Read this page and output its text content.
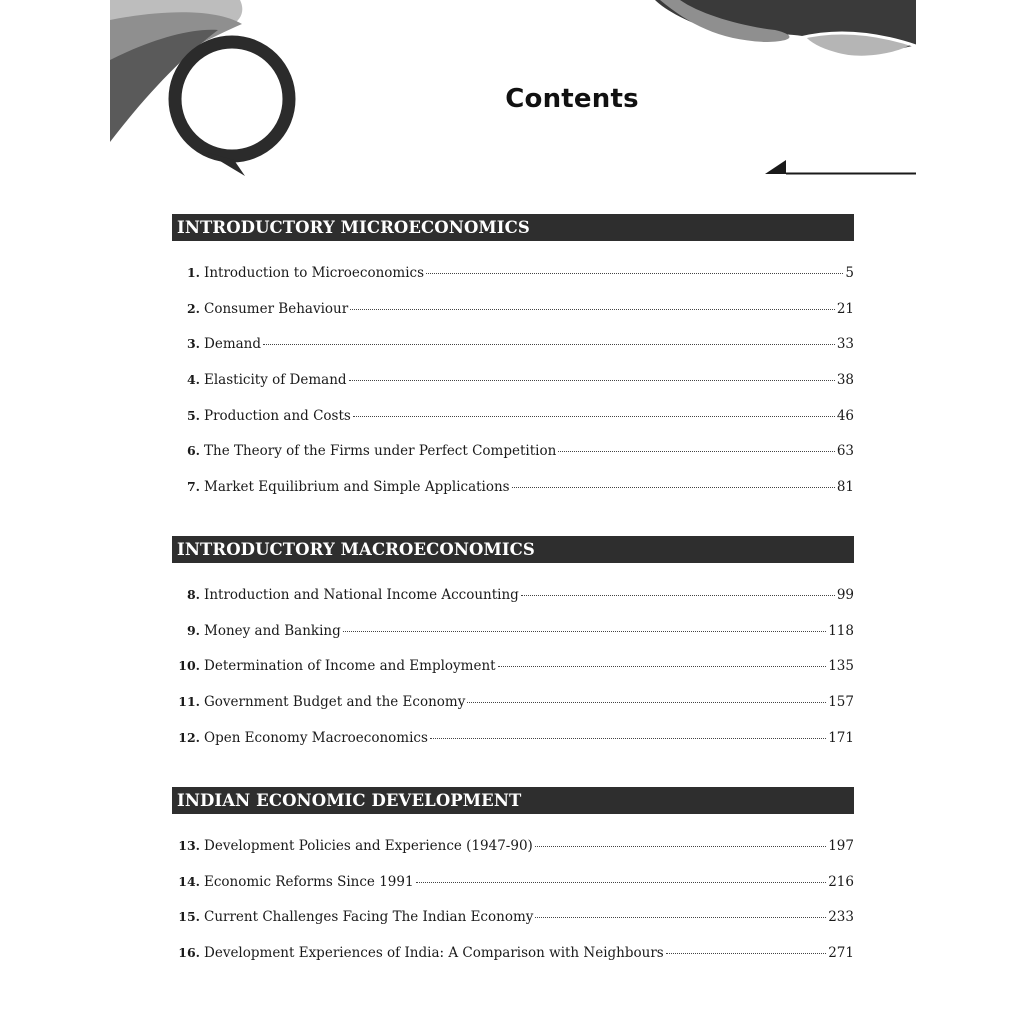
Contents
INTRODUCTORY MICROECONOMICS
1. Introduction to Microeconomics	5
2. Consumer Behaviour	21
3. Demand	33
4. Elasticity of Demand	38
5. Production and Costs	46
6. The Theory of the Firms under Perfect Competition	63
7. Market Equilibrium and Simple Applications	81
INTRODUCTORY MACROECONOMICS
8. Introduction and National Income Accounting	99
9. Money and Banking	118
10. Determination of Income and Employment	135
11. Government Budget and the Economy	157
12. Open Economy Macroeconomics	171
INDIAN ECONOMIC DEVELOPMENT
13. Development Policies and Experience (1947-90)	197
14. Economic Reforms Since 1991	216
15. Current Challenges Facing The Indian Economy	233
16. Development Experiences of India: A Comparison with Neighbours	271
